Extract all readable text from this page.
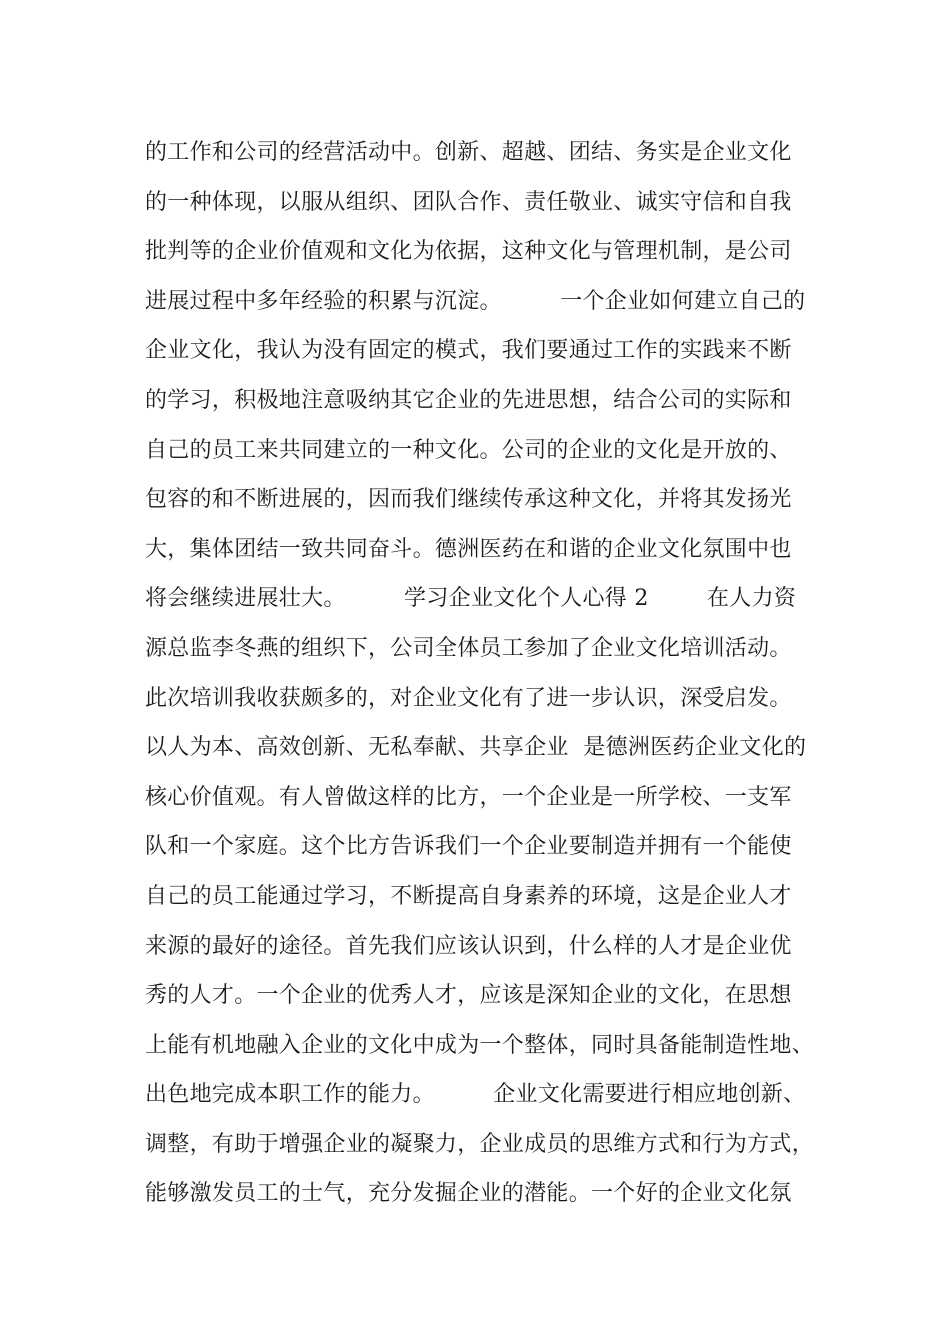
的工作和公司的经营活动中。创新、超越、团结、务实是企业文化
的一种体现，以服从组织、团队合作、责任敬业、诚实守信和自我
批判等的企业价值观和文化为依据，这种文化与管理机制，是公司
进展过程中多年经验的积累与沉淀。        一个企业如何建立自己的
企业文化，我认为没有固定的模式，我们要通过工作的实践来不断
的学习，积极地注意吸纳其它企业的先进思想，结合公司的实际和
自己的员工来共同建立的一种文化。公司的企业的文化是开放的、
包容的和不断进展的，因而我们继续传承这种文化，并将其发扬光
大，集体团结一致共同奋斗。德洲医药在和谐的企业文化氛围中也
将会继续进展壮大。        学习企业文化个人心得 2        在人力资
源总监李冬燕的组织下，公司全体员工参加了企业文化培训活动。
此次培训我收获颇多的，对企业文化有了进一步认识，深受启发。
以人为本、高效创新、无私奉献、共享企业  是德洲医药企业文化的
核心价值观。有人曾做这样的比方，一个企业是一所学校、一支军
队和一个家庭。这个比方告诉我们一个企业要制造并拥有一个能使
自己的员工能通过学习，不断提高自身素养的环境，这是企业人才
来源的最好的途径。首先我们应该认识到，什么样的人才是企业优
秀的人才。一个企业的优秀人才，应该是深知企业的文化，在思想
上能有机地融入企业的文化中成为一个整体，同时具备能制造性地、
出色地完成本职工作的能力。        企业文化需要进行相应地创新、
调整，有助于增强企业的凝聚力，企业成员的思维方式和行为方式，
能够激发员工的士气，充分发掘企业的潜能。一个好的企业文化氛
